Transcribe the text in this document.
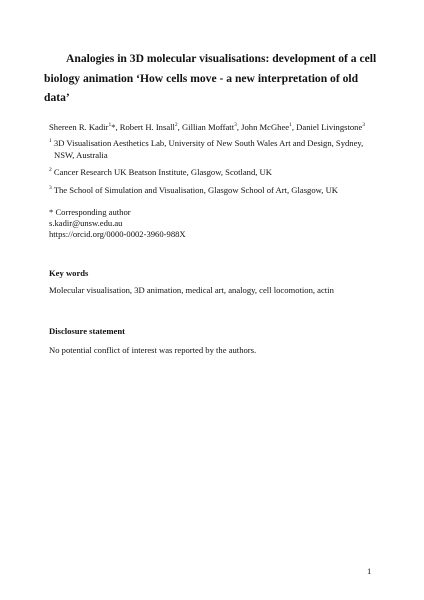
Analogies in 3D molecular visualisations: development of a cell biology animation ‘How cells move - a new interpretation of old data’
Shereen R. Kadir$^1$*, Robert H. Insall$^2$, Gillian Moffatt$^3$, John McGhee$^1$, Daniel Livingstone$^3$
$^1$ 3D Visualisation Aesthetics Lab, University of New South Wales Art and Design, Sydney,
NSW, Australia
$^2$ Cancer Research UK Beatson Institute, Glasgow, Scotland, UK
$^3$ The School of Simulation and Visualisation, Glasgow School of Art, Glasgow, UK
* Corresponding author
s.kadir@unsw.edu.au
https://orcid.org/0000-0002-3960-988X
Key words
Molecular visualisation, 3D animation, medical art, analogy, cell locomotion, actin
Disclosure statement
No potential conflict of interest was reported by the authors.
1
